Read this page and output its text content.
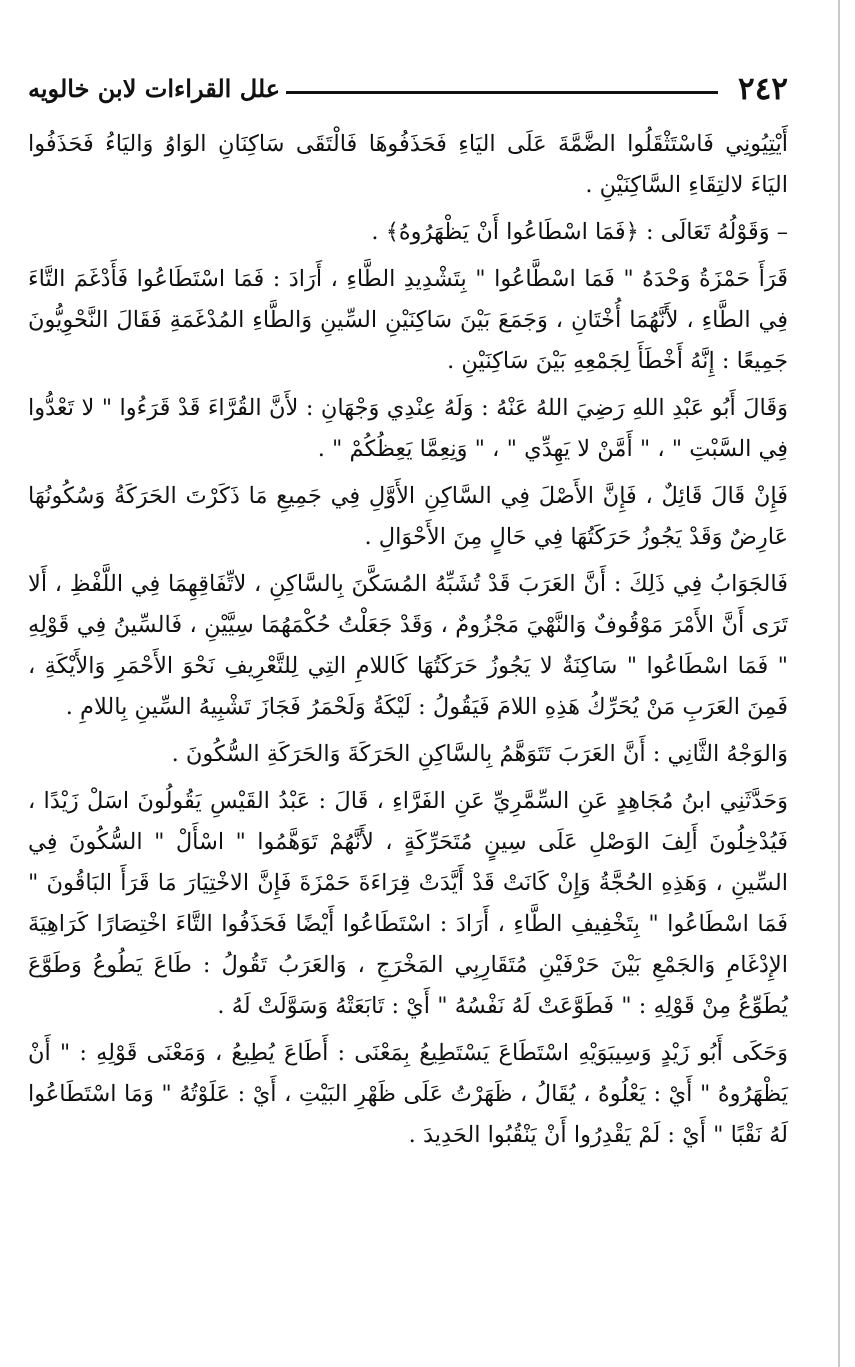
٢٤٢
علل القراءات لابن خالويه

أَيْتِيُونِي فَاسْتَثْقَلُوا الضَّمَّةَ عَلَى اليَاءِ فَحَذَفُوهَا فَالْتَقَى سَاكِنَانِ الوَاوُ وَاليَاءُ فَحَذَفُوا اليَاءَ لالتِقَاءِ السَّاكِنَيْنِ .

– وَقَوْلُهُ تَعَالَى : ﴿فَمَا اسْطَاعُوا أَنْ يَظْهَرُوهُ﴾ .

قَرَأَ حَمْزَةُ وَحْدَهُ " فَمَا اسْطَّاعُوا " بِتَشْدِيدِ الطَّاءِ ، أَرَادَ : فَمَا اسْتَطَاعُوا فَأَدْغَمَ التَّاءَ فِي الطَّاءِ ، لأَنَّهُمَا أُخْتَانِ ، وَجَمَعَ بَيْنَ سَاكِنَيْنِ السِّينِ وَالطَّاءِ المُدْغَمَةِ فَقَالَ النَّحْوِيُّونَ جَمِيعًا : إِنَّهُ أَخْطَأَ لِجَمْعِهِ بَيْنَ سَاكِنَيْنِ .

وَقَالَ أَبُو عَبْدِ اللهِ رَضِيَ اللهُ عَنْهُ : وَلَهُ عِنْدِي وَجْهَانِ : لأَنَّ القُرَّاءَ قَدْ قَرَءُوا " لا تَعْدُّوا فِي السَّبْتِ " ، " أَمَّنْ لا يَهِدِّي " ، " وَنِعِمَّا يَعِظُكُمْ " .

فَإِنْ قَالَ قَائِلٌ ، فَإِنَّ الأَصْلَ فِي السَّاكِنِ الأَوَّلِ فِي جَمِيعِ مَا ذَكَرْتَ الحَرَكَةُ وَسُكُونُهَا عَارِضٌ وَقَدْ يَجُوزُ حَرَكَتُهَا فِي حَالٍ مِنَ الأَحْوَالِ .

فَالجَوَابُ فِي ذَلِكَ : أَنَّ العَرَبَ قَدْ تُشَبِّهُ المُسَكَّنَ بِالسَّاكِنِ ، لاتِّفَاقِهِمَا فِي اللَّفْظِ ، أَلا تَرَى أَنَّ الأَمْرَ مَوْقُوفٌ وَالنَّهْيَ مَجْزُومٌ ، وَقَدْ جَعَلْتُ حُكْمَهُمَا سِيَّيْنِ ، فَالسِّينُ فِي قَوْلِهِ " فَمَا اسْطَاعُوا " سَاكِنَةٌ لا يَجُوزُ حَرَكَتُهَا كَاللامِ التِي لِلتَّعْرِيفِ نَحْوَ الأَحْمَرِ وَالأَيْكَةِ ، فَمِنَ العَرَبِ مَنْ يُحَرِّكُ هَذِهِ اللامَ فَيَقُولُ : لَيْكَةُ وَلَحْمَرُ فَجَازَ تَشْبِيهُ السِّينِ بِاللامِ .

وَالوَجْهُ الثَّانِي : أَنَّ العَرَبَ تَتَوَهَّمُ بِالسَّاكِنِ الحَرَكَةَ وَالحَرَكَةِ السُّكُونَ .

وَحَدَّثَنِي ابنُ مُجَاهِدٍ عَنِ السِّمَّرِيِّ عَنِ الفَرَّاءِ ، قَالَ : عَبْدُ القَيْسِ يَقُولُونَ اسَلْ زَيْدًا ، فَيُدْخِلُونَ أَلِفَ الوَصْلِ عَلَى سِينٍ مُتَحَرِّكَةٍ ، لأَنَّهُمْ تَوَهَّمُوا " اسْأَلْ " السُّكُونَ فِي السِّينِ ، وَهَذِهِ الحُجَّةُ وَإِنْ كَانَتْ قَدْ أَيَّدَتْ قِرَاءَةَ حَمْزَةَ فَإِنَّ الاخْتِيَارَ مَا قَرَأَ البَاقُونَ " فَمَا اسْطَاعُوا " بِتَخْفِيفِ الطَّاءِ ، أَرَادَ : اسْتَطَاعُوا أَيْضًا فَحَذَفُوا التَّاءَ اخْتِصَارًا كَرَاهِيَةَ الإِدْغَامِ وَالجَمْعِ بَيْنَ حَرْفَيْنِ مُتَقَارِبِي المَخْرَجِ ، وَالعَرَبُ تَقُولُ : طَاعَ يَطُوعُ وَطَوَّعَ يُطَوِّعُ مِنْ قَوْلِهِ : " فَطَوَّعَتْ لَهُ نَفْسُهُ " أَيْ : تَابَعَتْهُ وَسَوَّلَتْ لَهُ .

وَحَكَى أَبُو زَيْدٍ وَسِيبَوَيْهِ اسْتَطَاعَ يَسْتَطِيعُ بِمَعْنَى : أَطَاعَ يُطِيعُ ، وَمَعْنَى قَوْلِهِ : " أَنْ يَظْهَرُوهُ " أَيْ : يَعْلُوهُ ، يُقَالُ ، ظَهَرْتُ عَلَى ظَهْرِ البَيْتِ ، أَيْ : عَلَوْتُهُ " وَمَا اسْتَطَاعُوا لَهُ نَقْبًا " أَيْ : لَمْ يَقْدِرُوا أَنْ يَنْقُبُوا الحَدِيدَ .
